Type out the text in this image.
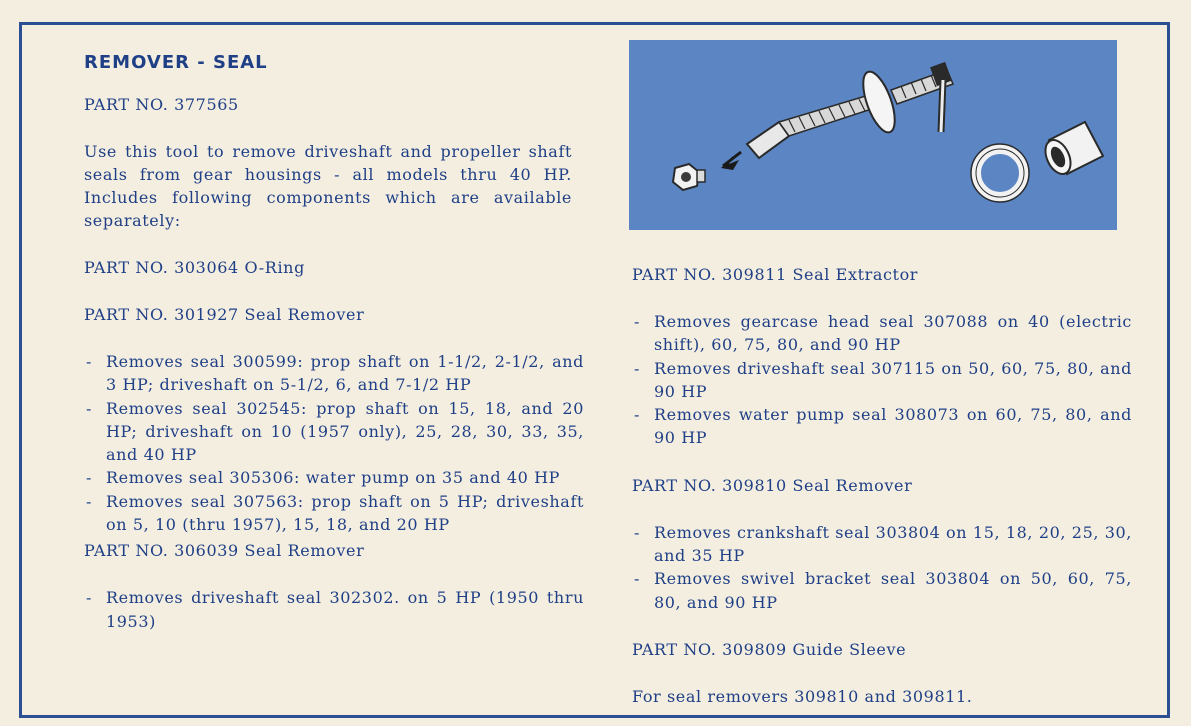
REMOVER - SEAL

PART NO. 377565

Use this tool to remove driveshaft and propeller shaft seals from gear housings - all models thru 40 HP. Includes following components which are available separately:

PART NO. 303064 O-Ring

PART NO. 301927 Seal Remover

- Removes seal 300599: prop shaft on 1-1/2, 2-1/2, and 3 HP; driveshaft on 5-1/2, 6, and 7-1/2 HP
- Removes seal 302545: prop shaft on 15, 18, and 20 HP; driveshaft on 10 (1957 only), 25, 28, 30, 33, 35, and 40 HP
- Removes seal 305306: water pump on 35 and 40 HP
- Removes seal 307563: prop shaft on 5 HP; driveshaft on 5, 10 (thru 1957), 15, 18, and 20 HP

PART NO. 306039 Seal Remover

- Removes driveshaft seal 302302. on 5 HP (1950 thru 1953)

PART NO. 309811 Seal Extractor

- Removes gearcase head seal 307088 on 40 (electric shift), 60, 75, 80, and 90 HP
- Removes driveshaft seal 307115 on 50, 60, 75, 80, and 90 HP
- Removes water pump seal 308073 on 60, 75, 80, and 90 HP

PART NO. 309810 Seal Remover

- Removes crankshaft seal 303804 on 15, 18, 20, 25, 30, and 35 HP
- Removes swivel bracket seal 303804 on 50, 60, 75, 80, and 90 HP

PART NO. 309809 Guide Sleeve

For seal removers 309810 and 309811.
